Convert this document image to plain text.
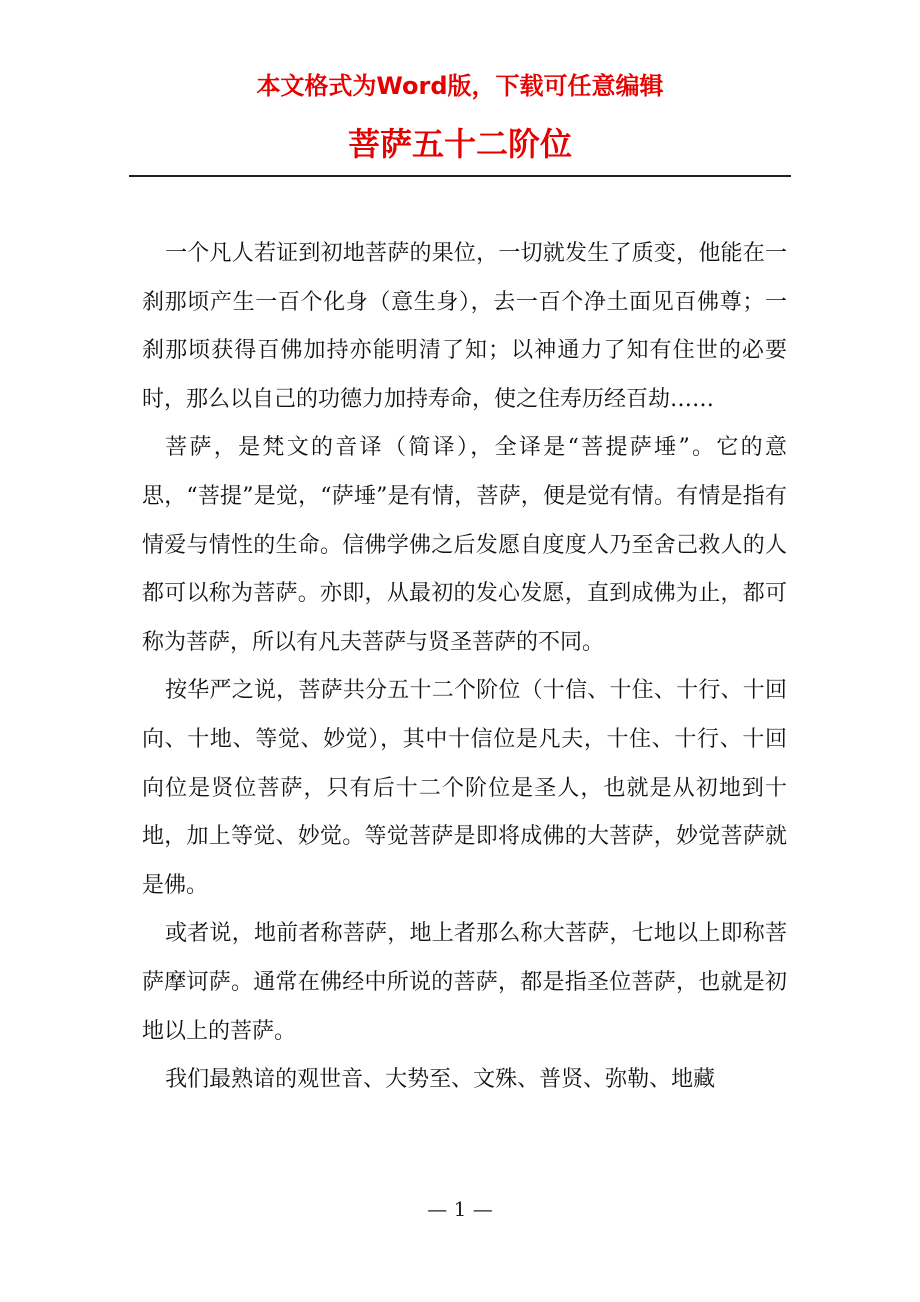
本文格式为Word版，下载可任意编辑
菩萨五十二阶位

一个凡人若证到初地菩萨的果位，一切就发生了质变，他能在一刹那顷产生一百个化身（意生身），去一百个净土面见百佛尊；一刹那顷获得百佛加持亦能明清了知；以神通力了知有住世的必要时，那么以自己的功德力加持寿命，使之住寿历经百劫……

菩萨，是梵文的音译（简译），全译是“菩提萨埵”。它的意思，“菩提”是觉，“萨埵”是有情，菩萨，便是觉有情。有情是指有情爱与情性的生命。信佛学佛之后发愿自度度人乃至舍己救人的人都可以称为菩萨。亦即，从最初的发心发愿，直到成佛为止，都可称为菩萨，所以有凡夫菩萨与贤圣菩萨的不同。

按华严之说，菩萨共分五十二个阶位（十信、十住、十行、十回向、十地、等觉、妙觉），其中十信位是凡夫，十住、十行、十回向位是贤位菩萨，只有后十二个阶位是圣人，也就是从初地到十地，加上等觉、妙觉。等觉菩萨是即将成佛的大菩萨，妙觉菩萨就是佛。

或者说，地前者称菩萨，地上者那么称大菩萨，七地以上即称菩萨摩诃萨。通常在佛经中所说的菩萨，都是指圣位菩萨，也就是初地以上的菩萨。

我们最熟谙的观世音、大势至、文殊、普贤、弥勒、地藏

— 1 —
